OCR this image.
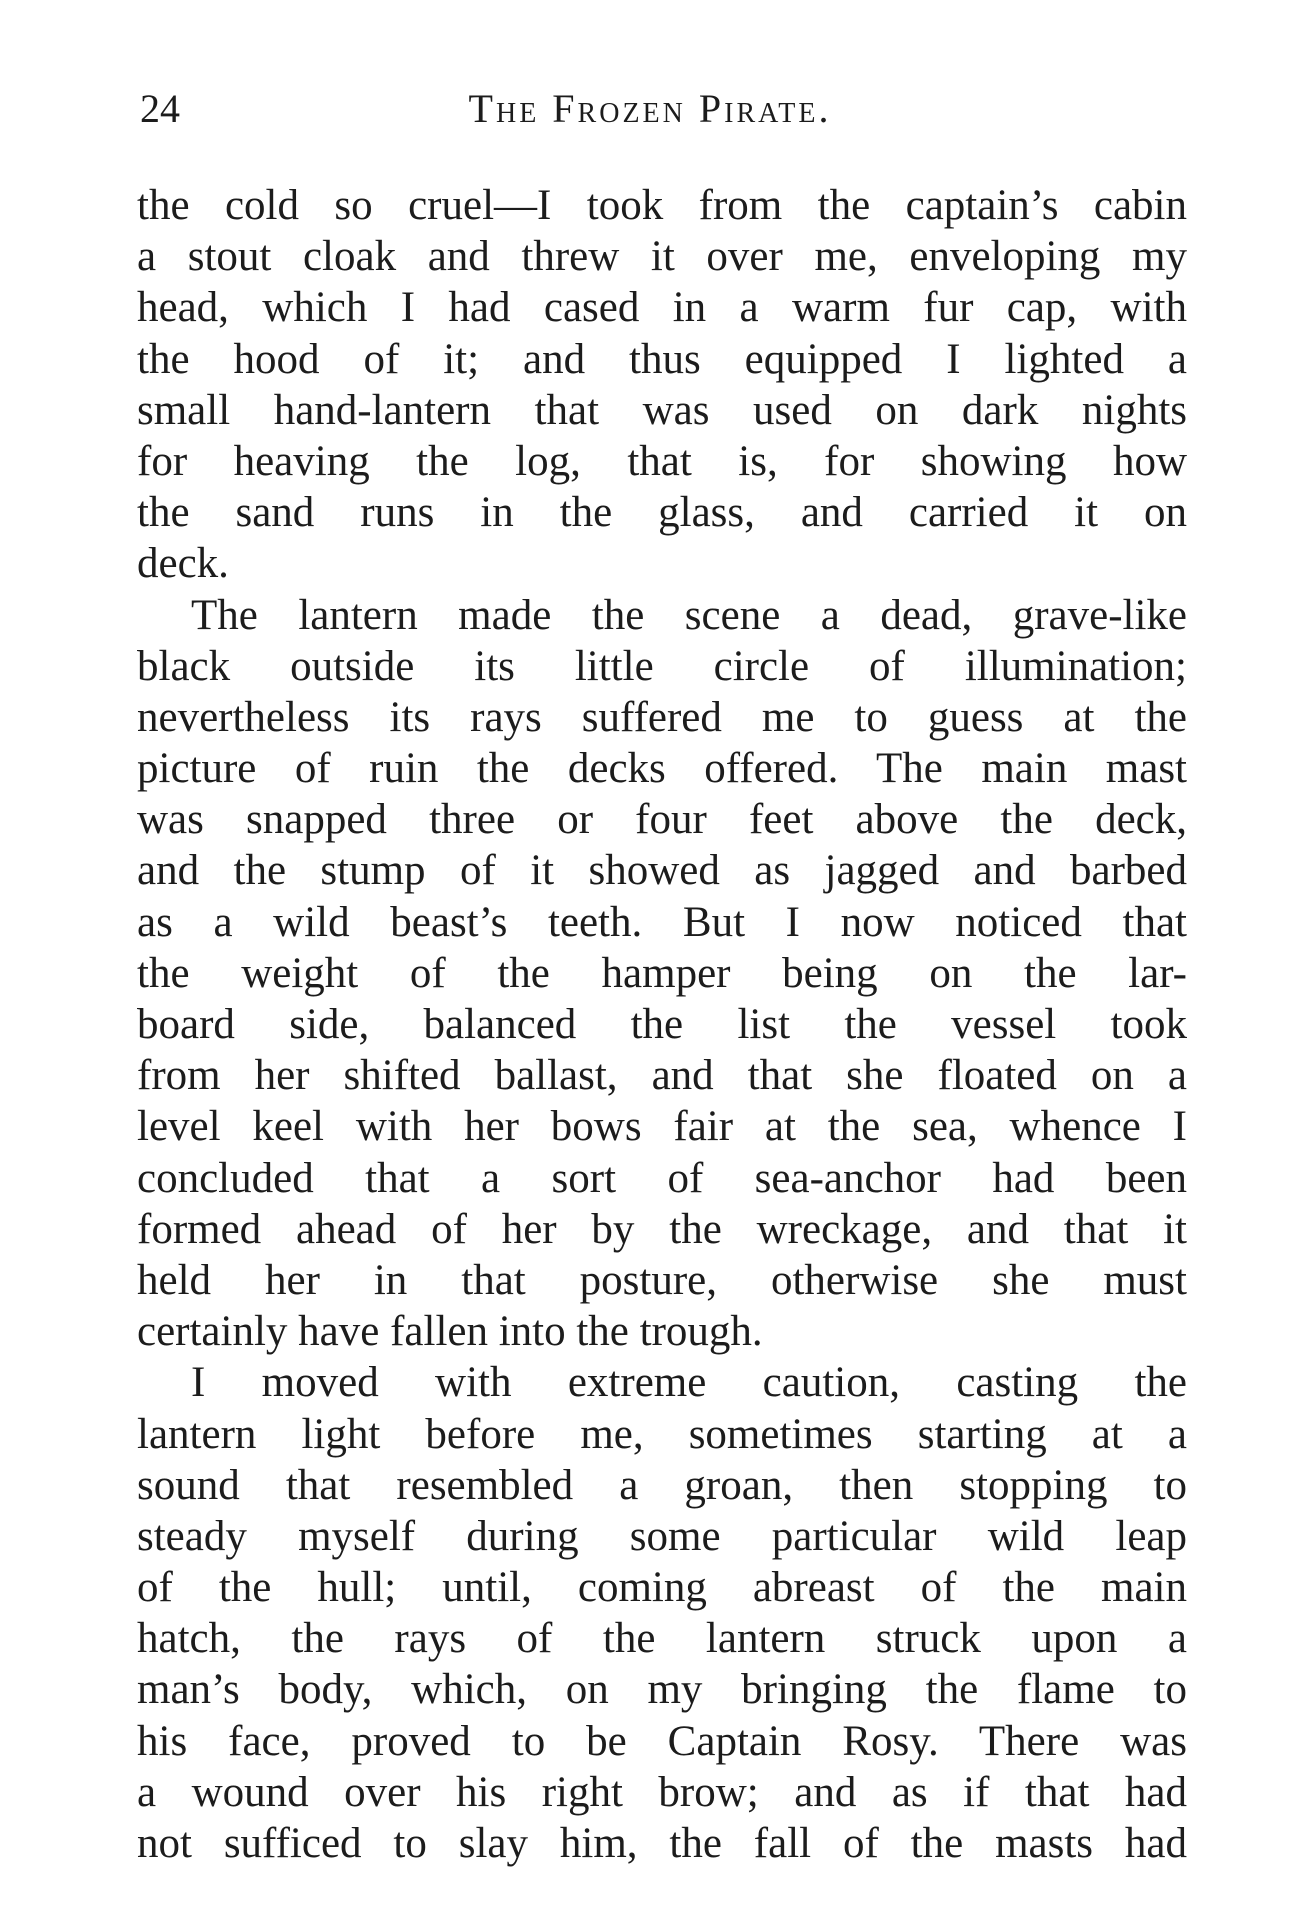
24	The Frozen Pirate.
the cold so cruel—I took from the captain’s cabin
a stout cloak and threw it over me, enveloping my
head, which I had cased in a warm fur cap, with
the hood of it; and thus equipped I lighted a
small hand-lantern that was used on dark nights
for heaving the log, that is, for showing how
the sand runs in the glass, and carried it on
deck.
The lantern made the scene a dead, grave-like
black outside its little circle of illumination;
nevertheless its rays suffered me to guess at the
picture of ruin the decks offered. The main mast
was snapped three or four feet above the deck,
and the stump of it showed as jagged and barbed
as a wild beast’s teeth. But I now noticed that
the weight of the hamper being on the lar-
board side, balanced the list the vessel took
from her shifted ballast, and that she floated on a
level keel with her bows fair at the sea, whence I
concluded that a sort of sea-anchor had been
formed ahead of her by the wreckage, and that it
held her in that posture, otherwise she must
certainly have fallen into the trough.
I moved with extreme caution, casting the
lantern light before me, sometimes starting at a
sound that resembled a groan, then stopping to
steady myself during some particular wild leap
of the hull; until, coming abreast of the main
hatch, the rays of the lantern struck upon a
man’s body, which, on my bringing the flame to
his face, proved to be Captain Rosy. There was
a wound over his right brow; and as if that had
not sufficed to slay him, the fall of the masts had
